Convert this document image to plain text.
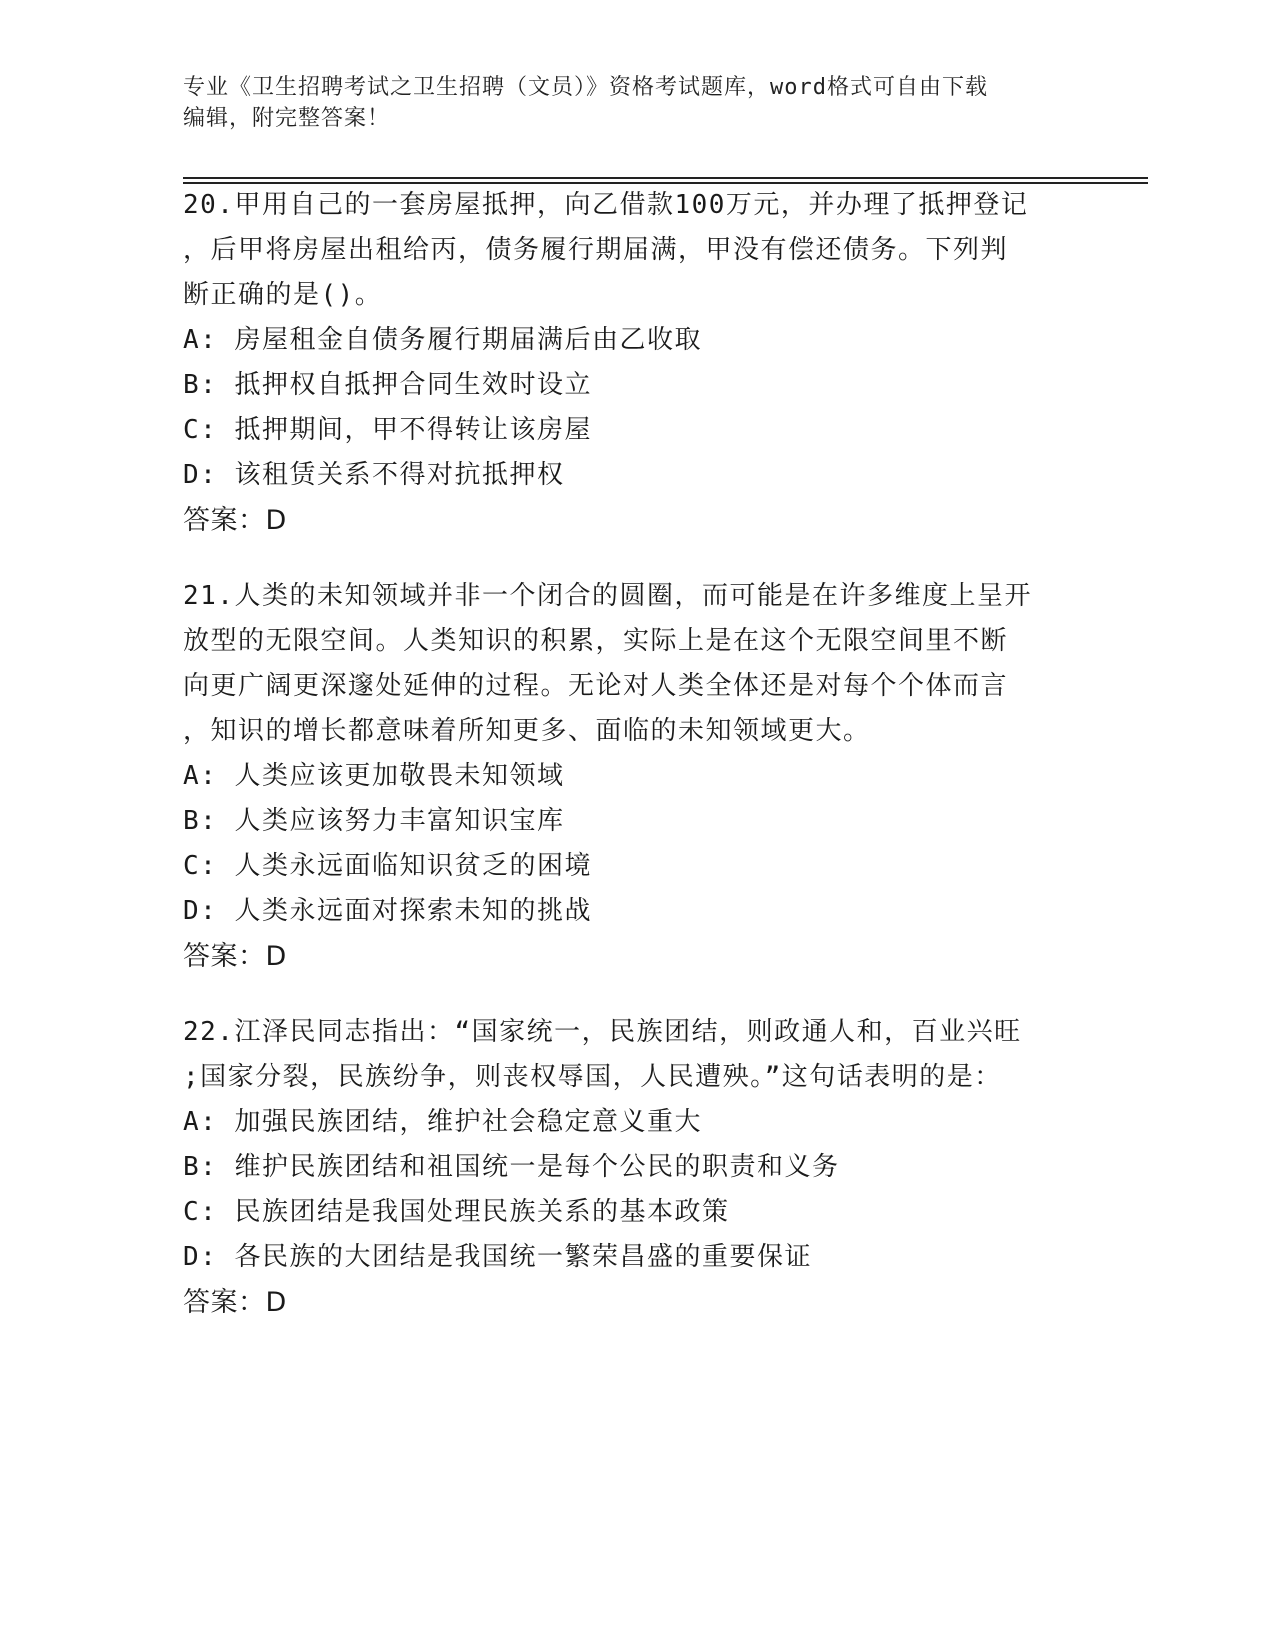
专业《卫生招聘考试之卫生招聘（文员）》资格考试题库，word格式可自由下载
编辑，附完整答案！
20.甲用自己的一套房屋抵押，向乙借款100万元，并办理了抵押登记
，后甲将房屋出租给丙，债务履行期届满，甲没有偿还债务。下列判
断正确的是()。
A: 房屋租金自债务履行期届满后由乙收取
B: 抵押权自抵押合同生效时设立
C: 抵押期间，甲不得转让该房屋
D: 该租赁关系不得对抗抵押权
答案：D
21.人类的未知领域并非一个闭合的圆圈，而可能是在许多维度上呈开
放型的无限空间。人类知识的积累，实际上是在这个无限空间里不断
向更广阔更深邃处延伸的过程。无论对人类全体还是对每个个体而言
，知识的增长都意味着所知更多、面临的未知领域更大。
A: 人类应该更加敬畏未知领域
B: 人类应该努力丰富知识宝库
C: 人类永远面临知识贫乏的困境
D: 人类永远面对探索未知的挑战
答案：D
22.江泽民同志指出：“国家统一，民族团结，则政通人和，百业兴旺
;国家分裂，民族纷争，则丧权辱国，人民遭殃。”这句话表明的是：
A: 加强民族团结，维护社会稳定意义重大
B: 维护民族团结和祖国统一是每个公民的职责和义务
C: 民族团结是我国处理民族关系的基本政策
D: 各民族的大团结是我国统一繁荣昌盛的重要保证
答案：D
